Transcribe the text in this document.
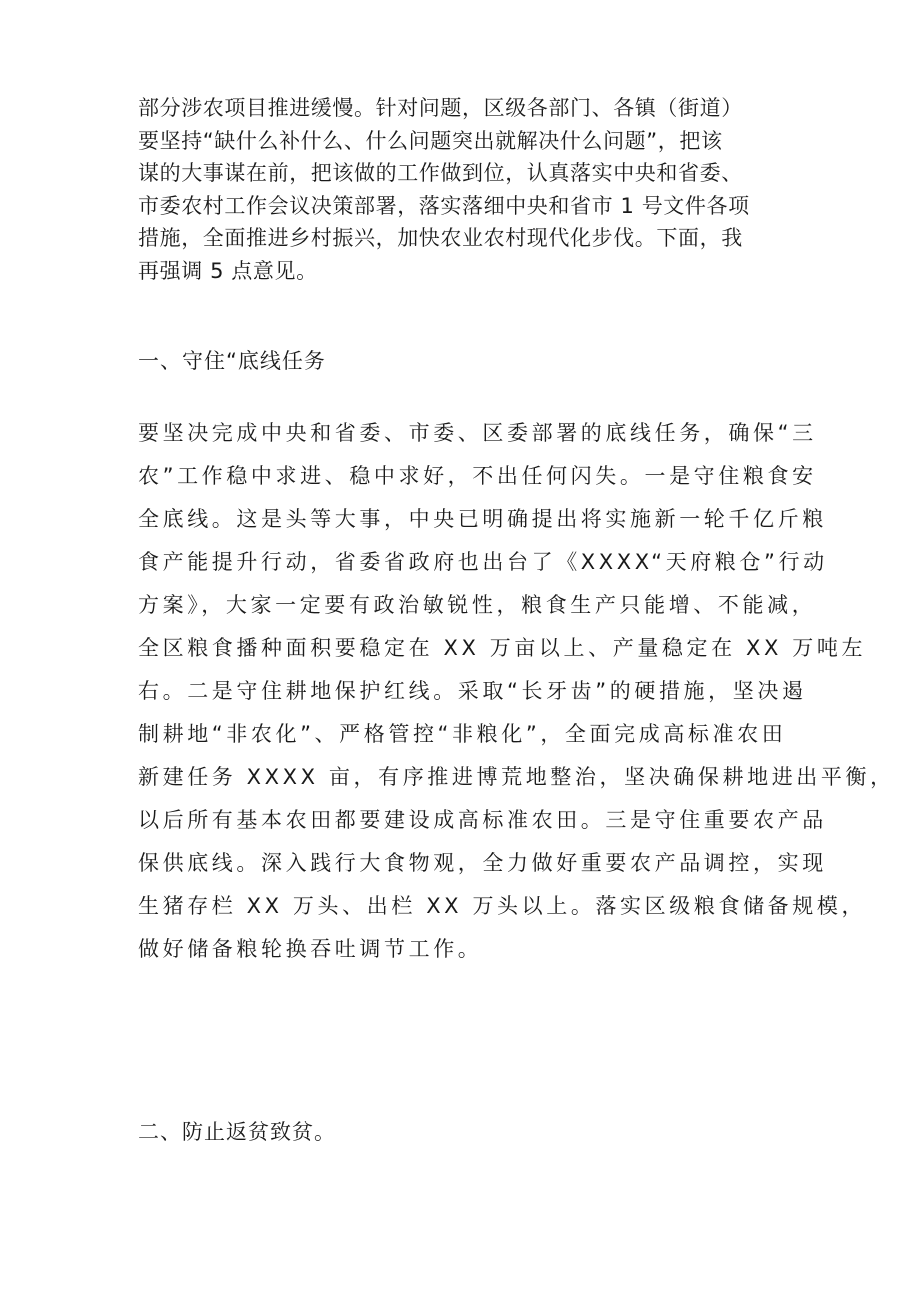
部分涉农项目推进缓慢。针对问题，区级各部门、各镇（街道）

要坚持“缺什么补什么、什么问题突出就解决什么问题”，把该

谋的大事谋在前，把该做的工作做到位，认真落实中央和省委、

市委农村工作会议决策部署，落实落细中央和省市 1 号文件各项

措施，全面推进乡村振兴，加快农业农村现代化步伐。下面，我

再强调 5 点意见。

一、守住“底线任务

要坚决完成中央和省委、市委、区委部署的底线任务，确保“三

农”工作稳中求进、稳中求好，不出任何闪失。一是守住粮食安

全底线。这是头等大事，中央已明确提出将实施新一轮千亿斤粮

食产能提升行动，省委省政府也出台了《XXXX“天府粮仓”行动

方案》，大家一定要有政治敏锐性，粮食生产只能增、不能减，

全区粮食播种面积要稳定在 XX 万亩以上、产量稳定在 XX 万吨左

右。二是守住耕地保护红线。采取“长牙齿”的硬措施，坚决遏

制耕地“非农化”、严格管控“非粮化”，全面完成高标准农田

新建任务 XXXX 亩，有序推进博荒地整治，坚决确保耕地进出平衡，

以后所有基本农田都要建设成高标准农田。三是守住重要农产品

保供底线。深入践行大食物观，全力做好重要农产品调控，实现

生猪存栏 XX 万头、出栏 XX 万头以上。落实区级粮食储备规模，

做好储备粮轮换吞吐调节工作。

二、防止返贫致贫。
